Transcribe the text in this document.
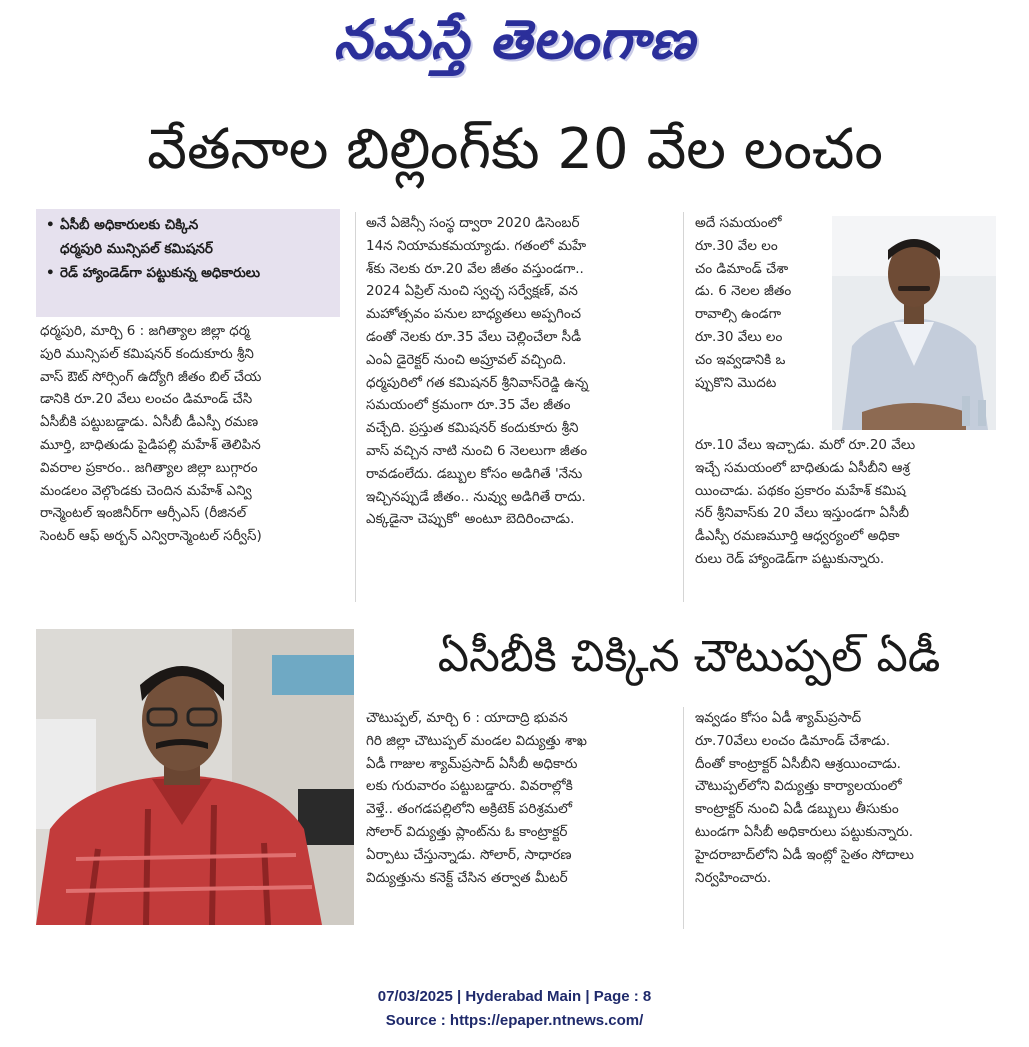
నమస్తే తెలంగాణ
వేతనాల బిల్లింగ్‌కు 20 వేల లంచం
• ఏసీబీ అధికారులకు చిక్కిన
ధర్మపురి మున్సిపల్ కమిషనర్
• రెడ్ హ్యాండెడ్‌గా పట్టుకున్న అధికారులు

ధర్మపురి, మార్చి 6 : జగిత్యాల జిల్లా ధర్మ

పురి మున్సిపల్ కమిషనర్ కందుకూరు శ్రీని

వాస్ ఔట్ సోర్సింగ్ ఉద్యోగి జీతం బిల్ చేయ

డానికి రూ.20 వేలు లంచం డిమాండ్ చేసి

ఏసీబీకి పట్టుబడ్డాడు. ఏసీబీ డీఎస్పీ రమణ

మూర్తి, బాధితుడు పైడిపల్లి మహేశ్ తెలిపిన

వివరాల ప్రకారం.. జగిత్యాల జిల్లా బుగ్గారం

మండలం వెల్గొండకు చెందిన మహేశ్ ఎన్వి

రాన్మెంటల్ ఇంజినీర్‌గా ఆర్సీఎస్ (రీజినల్

సెంటర్ ఆఫ్ అర్బన్ ఎన్విరాన్మెంటల్ సర్వీస్)

అనే ఏజెన్సీ సంస్థ ద్వారా 2020 డిసెంబర్

14న నియామకమయ్యాడు. గతంలో మహే

శ్‌కు నెలకు రూ.20 వేల జీతం వస్తుండగా..

2024 ఏప్రిల్ నుంచి స్వచ్ఛ సర్వేక్షణ్, వన

మహోత్సవం పనుల బాధ్యతలు అప్పగించ

డంతో నెలకు రూ.35 వేలు చెల్లించేలా సీడీ

ఎంఏ డైరెక్టర్ నుంచి అప్రూవల్ వచ్చింది.

ధర్మపురిలో గత కమిషనర్ శ్రీనివాస్‌రెడ్డి ఉన్న

సమయంలో క్రమంగా రూ.35 వేల జీతం

వచ్చేది. ప్రస్తుత కమిషనర్ కందుకూరు శ్రీని

వాస్ వచ్చిన నాటి నుంచి 6 నెలలుగా జీతం

రావడంలేదు. డబ్బుల కోసం అడిగితే 'నేను

ఇచ్చినప్పుడే జీతం.. నువ్వు అడిగితే రాదు.

ఎక్కడైనా చెప్పుకో' అంటూ బెదిరించాడు.

అదే సమయంలో

రూ.30 వేల లం

చం డిమాండ్ చేశా

డు. 6 నెలల జీతం

రావాల్సి ఉండగా

రూ.30 వేలు లం

చం ఇవ్వడానికి ఒ

ప్పుకొని మొదట

రూ.10 వేలు ఇచ్చాడు. మరో రూ.20 వేలు

ఇచ్చే సమయంలో బాధితుడు ఏసీబీని ఆశ్ర

యించాడు. పథకం ప్రకారం మహేశ్ కమిష

నర్ శ్రీనివాస్‌కు 20 వేలు ఇస్తుండగా ఏసీబీ

డీఎస్పీ రమణమూర్తి ఆధ్వర్యంలో అధికా

రులు రెడ్ హ్యాండెడ్‌గా పట్టుకున్నారు.

ఏసీబీకి చిక్కిన చౌటుప్పల్ ఏడీ

చౌటుప్పల్, మార్చి 6 : యాదాద్రి భువన

గిరి జిల్లా చౌటుప్పల్ మండల విద్యుత్తు శాఖ

ఏడీ గాజుల శ్యామ్‌ప్రసాద్ ఏసీబీ అధికారు

లకు గురువారం పట్టుబడ్డారు. వివరాల్లోకి

వెళ్తే.. తంగడపల్లిలోని అక్రిటెక్ పరిశ్రమలో

సోలార్ విద్యుత్తు ప్లాంట్‌ను ఓ కాంట్రాక్టర్

ఏర్పాటు చేస్తున్నాడు. సోలార్, సాధారణ

విద్యుత్తును కనెక్ట్ చేసిన తర్వాత మీటర్

ఇవ్వడం కోసం ఏడీ శ్యామ్‌ప్రసాద్

రూ.70వేలు లంచం డిమాండ్ చేశాడు.

దీంతో కాంట్రాక్టర్ ఏసీబీని ఆశ్రయించాడు.

చౌటుప్పల్‌లోని విద్యుత్తు కార్యాలయంలో

కాంట్రాక్టర్ నుంచి ఏడీ డబ్బులు తీసుకుం

టుండగా ఏసీబీ అధికారులు పట్టుకున్నారు.

హైదరాబాద్‌లోని ఏడీ ఇంట్లో సైతం సోదాలు

నిర్వహించారు.

07/03/2025 | Hyderabad Main | Page : 8
Source : https://epaper.ntnews.com/
